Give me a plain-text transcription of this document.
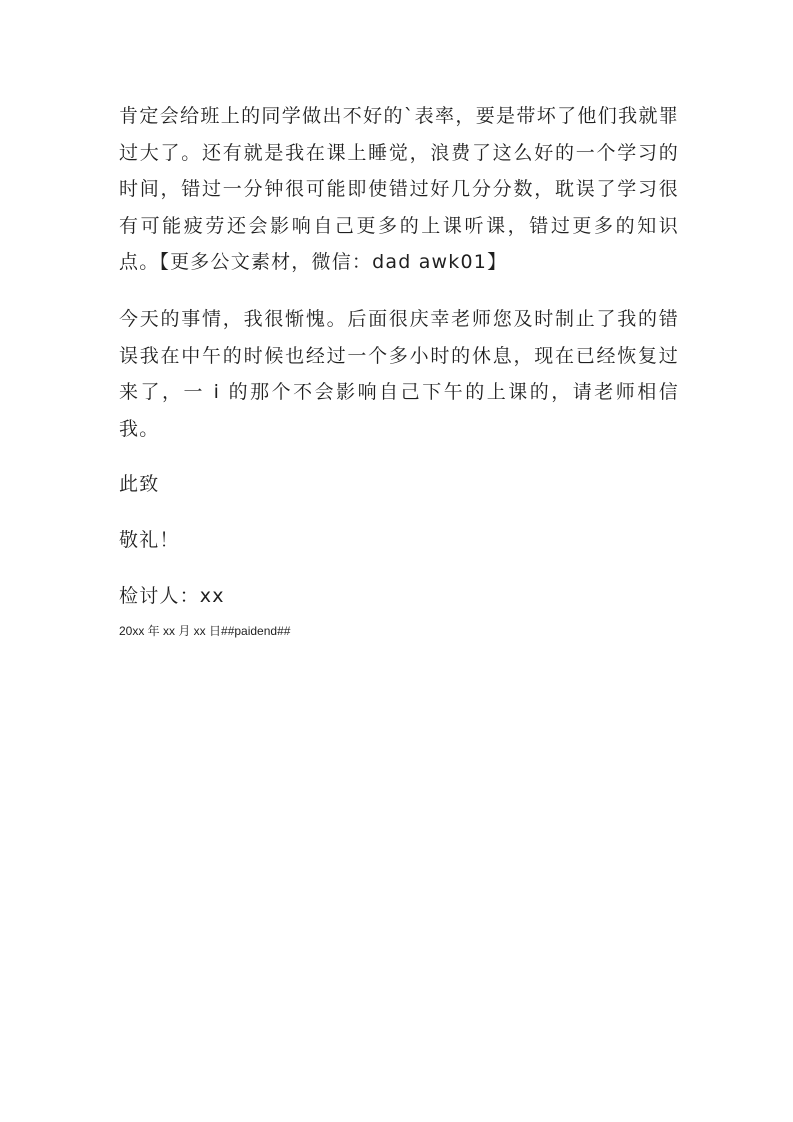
肯定会给班上的同学做出不好的`表率，要是带坏了他们我就罪过大了。还有就是我在课上睡觉，浪费了这么好的一个学习的时间，错过一分钟很可能即使错过好几分分数，耽误了学习很有可能疲劳还会影响自己更多的上课听课，错过更多的知识点。【更多公文素材，微信：dad awk01】

今天的事情，我很惭愧。后面很庆幸老师您及时制止了我的错误我在中午的时候也经过一个多小时的休息，现在已经恢复过来了，一 i 的那个不会影响自己下午的上课的，请老师相信我。

此致

敬礼！

检讨人：xx

20xx 年 xx 月 xx 日##paidend##
